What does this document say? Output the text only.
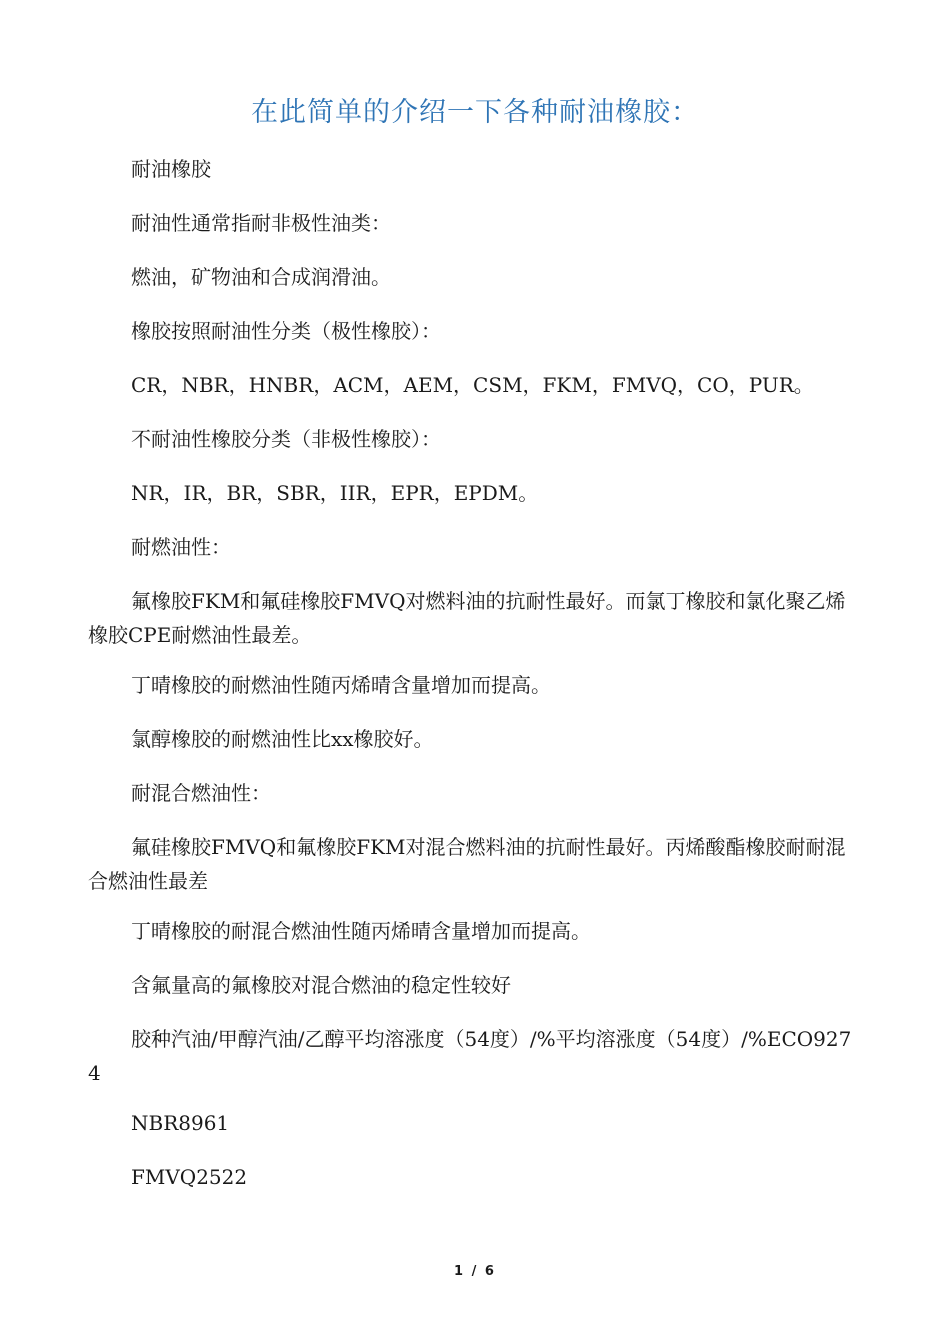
在此简单的介绍一下各种耐油橡胶：

耐油橡胶

耐油性通常指耐非极性油类：

燃油，矿物油和合成润滑油。

橡胶按照耐油性分类（极性橡胶）：

CR，NBR，HNBR，ACM，AEM，CSM，FKM，FMVQ，CO，PUR。

不耐油性橡胶分类（非极性橡胶）：

NR，IR，BR，SBR，IIR，EPR，EPDM。

耐燃油性：

氟橡胶FKM和氟硅橡胶FMVQ对燃料油的抗耐性最好。而氯丁橡胶和氯化聚乙烯橡胶CPE耐燃油性最差。

丁晴橡胶的耐燃油性随丙烯晴含量增加而提高。

氯醇橡胶的耐燃油性比xx橡胶好。

耐混合燃油性：

氟硅橡胶FMVQ和氟橡胶FKM对混合燃料油的抗耐性最好。丙烯酸酯橡胶耐耐混合燃油性最差

丁晴橡胶的耐混合燃油性随丙烯晴含量增加而提高。

含氟量高的氟橡胶对混合燃油的稳定性较好

胶种汽油/甲醇汽油/乙醇平均溶涨度（54度）/%平均溶涨度（54度）/%ECO9274

NBR8961

FMVQ2522

1 / 6
